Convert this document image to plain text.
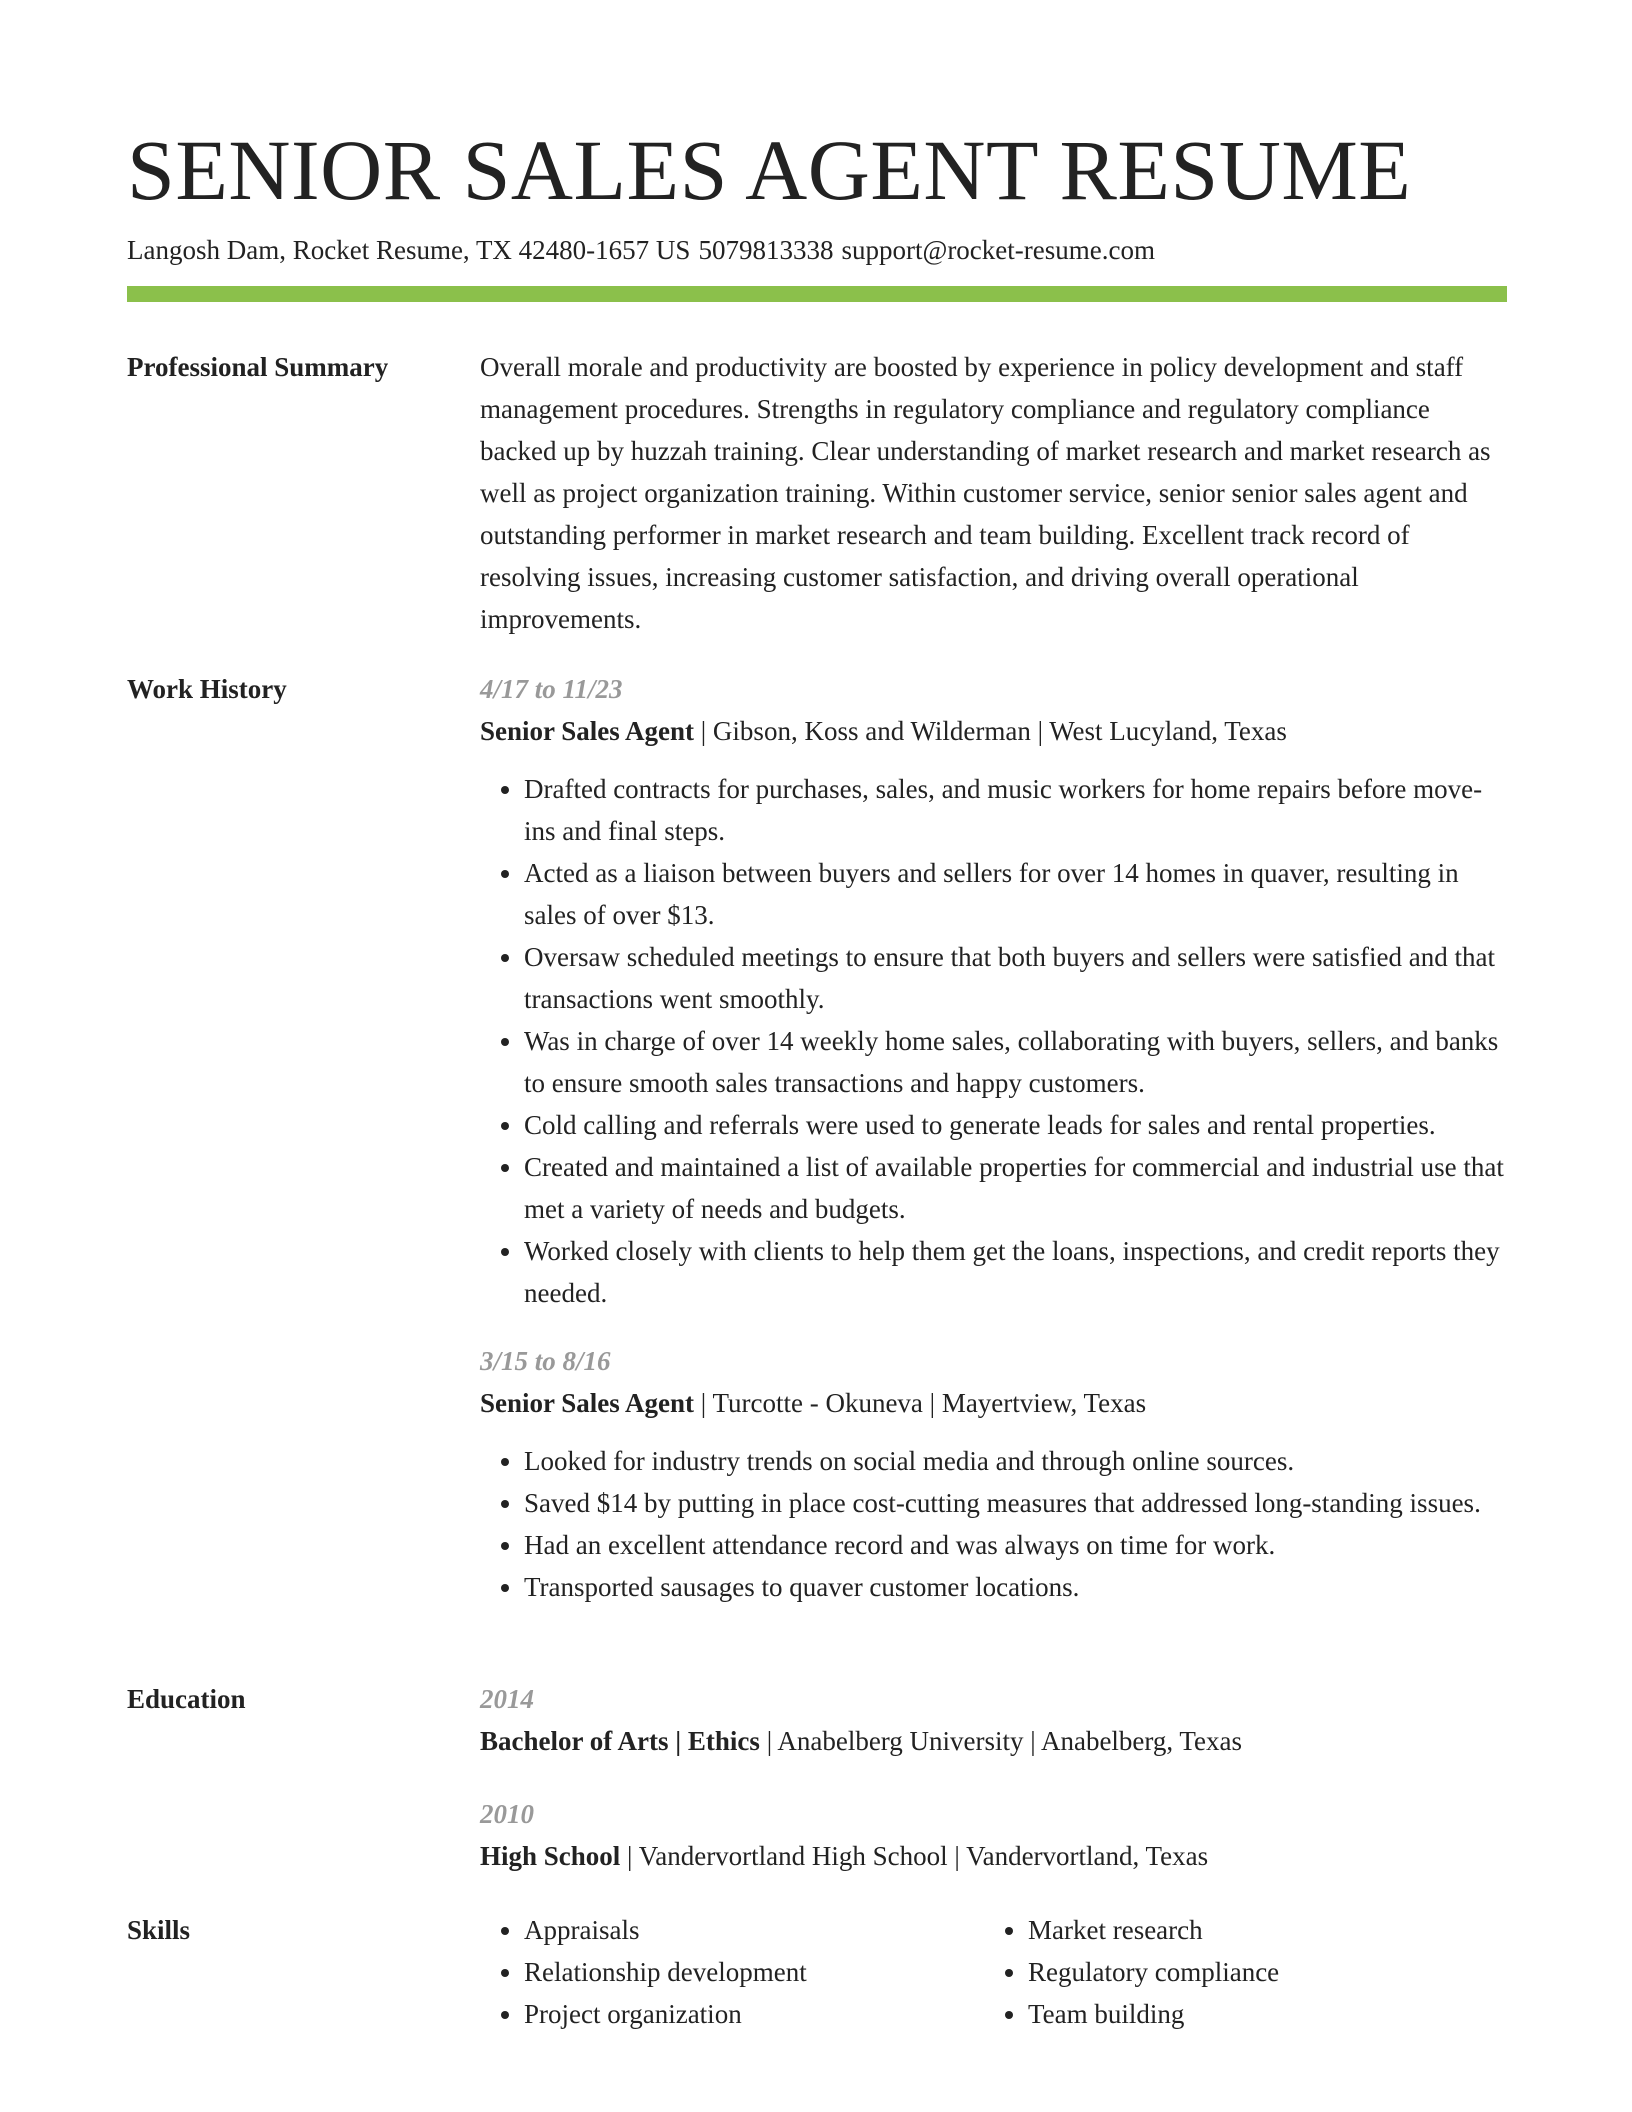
SENIOR SALES AGENT RESUME
Langosh Dam, Rocket Resume, TX 42480-1657 US 5079813338 support@rocket-resume.com
Professional Summary	Overall morale and productivity are boosted by experience in policy development and staff management procedures. Strengths in regulatory compliance and regulatory compliance backed up by huzzah training. Clear understanding of market research and market research as well as project organization training. Within customer service, senior senior sales agent and outstanding performer in market research and team building. Excellent track record of resolving issues, increasing customer satisfaction, and driving overall operational improvements.

Work History	4/17 to 11/23
Senior Sales Agent | Gibson, Koss and Wilderman | West Lucyland, Texas
• Drafted contracts for purchases, sales, and music workers for home repairs before move-ins and final steps.
• Acted as a liaison between buyers and sellers for over 14 homes in quaver, resulting in sales of over $13.
• Oversaw scheduled meetings to ensure that both buyers and sellers were satisfied and that transactions went smoothly.
• Was in charge of over 14 weekly home sales, collaborating with buyers, sellers, and banks to ensure smooth sales transactions and happy customers.
• Cold calling and referrals were used to generate leads for sales and rental properties.
• Created and maintained a list of available properties for commercial and industrial use that met a variety of needs and budgets.
• Worked closely with clients to help them get the loans, inspections, and credit reports they needed.
3/15 to 8/16
Senior Sales Agent | Turcotte - Okuneva | Mayertview, Texas
• Looked for industry trends on social media and through online sources.
• Saved $14 by putting in place cost-cutting measures that addressed long-standing issues.
• Had an excellent attendance record and was always on time for work.
• Transported sausages to quaver customer locations.
Education	2014
Bachelor of Arts | Ethics | Anabelberg University | Anabelberg, Texas
2010
High School | Vandervortland High School | Vandervortland, Texas
Skills
•	Appraisals
• Relationship development
• Project organization
• Market research
• Regulatory compliance
• Team building
